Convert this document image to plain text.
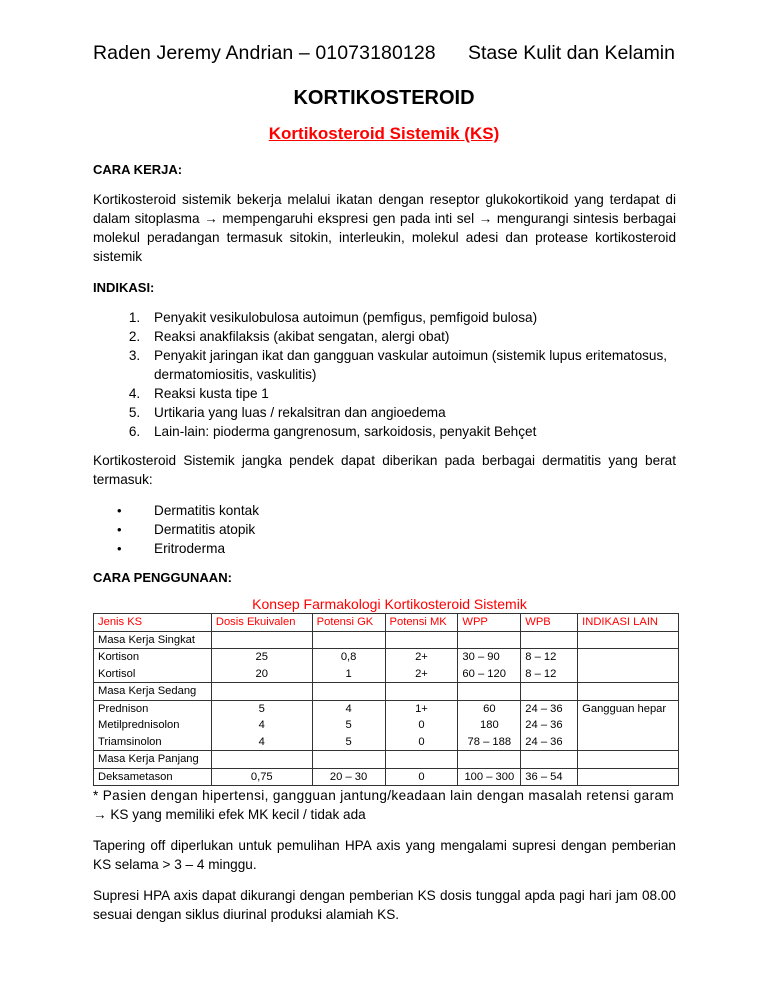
Raden Jeremy Andrian – 01073180128 Stase Kulit dan Kelamin
KORTIKOSTEROID
Kortikosteroid Sistemik (KS)
CARA KERJA:

Kortikosteroid sistemik bekerja melalui ikatan dengan reseptor glukokortikoid yang terdapat di dalam sitoplasma → mempengaruhi ekspresi gen pada inti sel → mengurangi sintesis berbagai molekul peradangan termasuk sitokin, interleukin, molekul adesi dan protease kortikosteroid sistemik

INDIKASI:
1. Penyakit vesikulobulosa autoimun (pemfigus, pemfigoid bulosa)
2. Reaksi anakfilaksis (akibat sengatan, alergi obat)
3. Penyakit jaringan ikat dan gangguan vaskular autoimun (sistemik lupus eritematosus, dermatomiositis, vaskulitis)
4. Reaksi kusta tipe 1
5. Urtikaria yang luas / rekalsitran dan angioedema
6. Lain-lain: pioderma gangrenosum, sarkoidosis, penyakit Behçet

Kortikosteroid Sistemik jangka pendek dapat diberikan pada berbagai dermatitis yang berat termasuk:

• Dermatitis kontak
• Dermatitis atopik
• Eritroderma
CARA PENGGUNAAN:
Konsep Farmakologi Kortikosteroid Sistemik
Jenis KS	Dosis Ekuivalen	Potensi GK	Potensi MK	WPP	WPB	INDIKASI LAIN
Masa Kerja Singkat						
Kortison	25	0,8	2+	30 – 90	8 – 12	
Kortisol	20	1	2+	60 – 120	8 – 12	
Masa Kerja Sedang						
Prednison	5	4	1+	60	24 – 36	Gangguan hepar
Metilprednisolon	4	5	0	180	24 – 36	
Triamsinolon	4	5	0	78 – 188	24 – 36	
Masa Kerja Panjang						
Deksametason	0,75	20 – 30	0	100 – 300	36 – 54	
* Pasien dengan hipertensi, gangguan jantung/keadaan lain dengan masalah retensi garam
→ KS yang memiliki efek MK kecil / tidak ada

Tapering off diperlukan untuk pemulihan HPA axis yang mengalami supresi dengan pemberian KS selama > 3 – 4 minggu.

Supresi HPA axis dapat dikurangi dengan pemberian KS dosis tunggal apda pagi hari jam 08.00 sesuai dengan siklus diurinal produksi alamiah KS.
